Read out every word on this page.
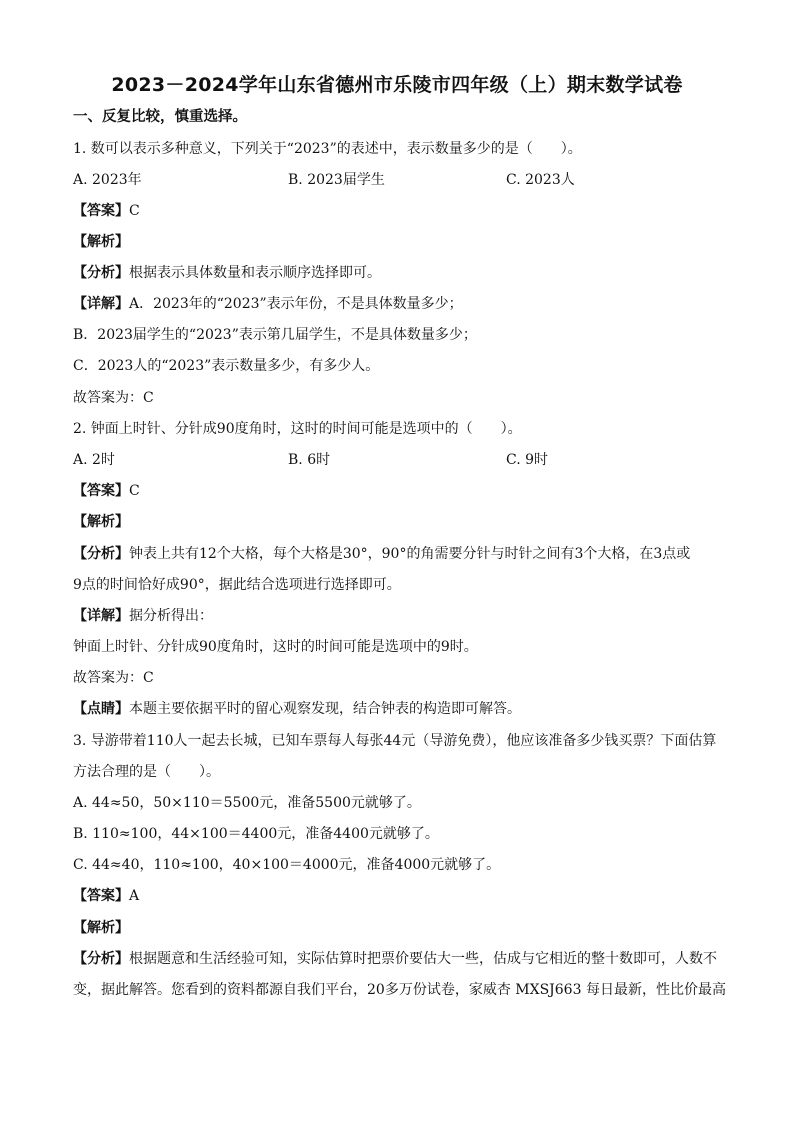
2023－2024学年山东省德州市乐陵市四年级（上）期末数学试卷
一、反复比较，慎重选择。
1. 数可以表示多种意义，下列关于“2023”的表述中，表示数量多少的是（　　）。
A. 2023年	B. 2023届学生	C. 2023人
【答案】C
【解析】
【分析】根据表示具体数量和表示顺序选择即可。
【详解】A．2023年的“2023”表示年份，不是具体数量多少；
B．2023届学生的“2023”表示第几届学生，不是具体数量多少；
C．2023人的“2023”表示数量多少，有多少人。
故答案为：C
2. 钟面上时针、分针成90度角时，这时的时间可能是选项中的（　　）。
A. 2时	B. 6时	C. 9时
【答案】C
【解析】
【分析】钟表上共有12个大格，每个大格是30°，90°的角需要分针与时针之间有3个大格，在3点或
9点的时间恰好成90°，据此结合选项进行选择即可。
【详解】据分析得出：
钟面上时针、分针成90度角时，这时的时间可能是选项中的9时。
故答案为：C
【点睛】本题主要依据平时的留心观察发现，结合钟表的构造即可解答。
3. 导游带着110人一起去长城，已知车票每人每张44元（导游免费），他应该准备多少钱买票？下面估算
方法合理的是（　　）。
A. 44≈50，50×110＝5500元，准备5500元就够了。
B. 110≈100，44×100＝4400元，准备4400元就够了。
C. 44≈40，110≈100，40×100＝4000元，准备4000元就够了。
【答案】A
【解析】
【分析】根据题意和生活经验可知，实际估算时把票价要估大一些，估成与它相近的整十数即可，人数不
变，据此解答。您看到的资料都源自我们平台，20多万份试卷，家威杏 MXSJ663 每日最新，性比价最高
